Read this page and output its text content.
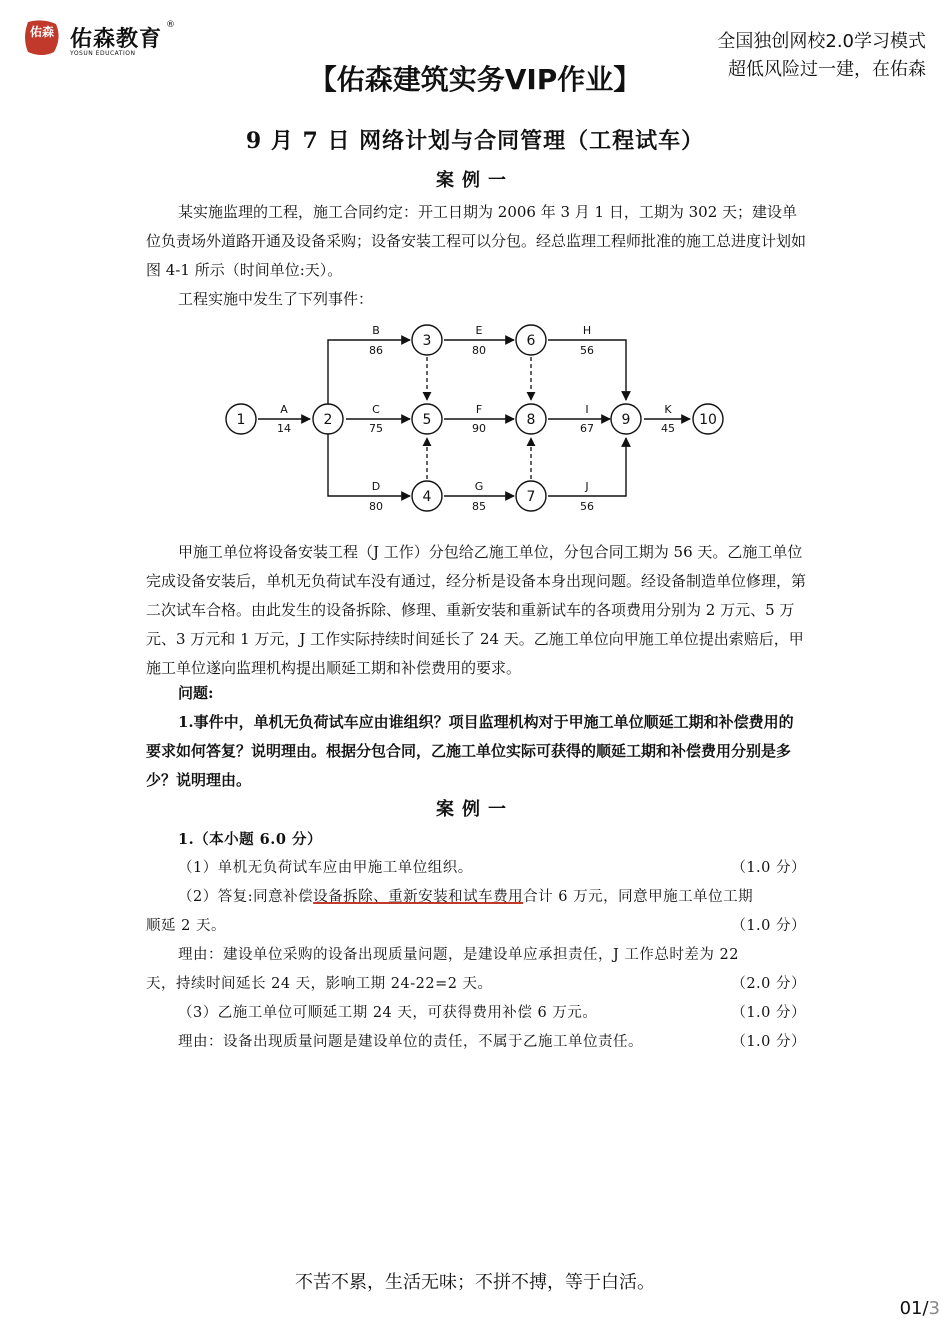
佑森 佑森教育
YOSUN EDUCATION
®
全国独创网校2.0学习模式
超低风险过一建，在佑森
【佑森建筑实务VIP作业】
9 月 7 日 网络计划与合同管理（工程试车）
案例一

某实施监理的工程，施工合同约定：开工日期为 2006 年 3 月 1 日，工期为 302 天；建设单位负责场外道路开通及设备采购；设备安装工程可以分包。经总监理工程师批准的施工总进度计划如图 4-1 所示（时间单位:天）。

工程实施中发生了下列事件：

1	2
3
4
5
6
7
8	9	10
A
14
B
86
C
75
D
80
E
80
F
90
G
85
H
56
I
67
J
56
K
45

甲施工单位将设备安装工程（J 工作）分包给乙施工单位，分包合同工期为 56 天。乙施工单位完成设备安装后，单机无负荷试车没有通过，经分析是设备本身出现问题。经设备制造单位修理，第二次试车合格。由此发生的设备拆除、修理、重新安装和重新试车的各项费用分别为 2 万元、5 万元、3 万元和 1 万元，J 工作实际持续时间延长了 24 天。乙施工单位向甲施工单位提出索赔后，甲施工单位遂向监理机构提出顺延工期和补偿费用的要求。

问题:

1.事件中，单机无负荷试车应由谁组织？项目监理机构对于甲施工单位顺延工期和补偿费用的要求如何答复？说明理由。根据分包合同，乙施工单位实际可获得的顺延工期和补偿费用分别是多少？说明理由。

案例一
1.（本小题 6.0 分）
（1）单机无负荷试车应由甲施工单位组织。	（1.0 分）
（2）答复:同意补偿设备拆除、重新安装和试车费用合计 6 万元，同意甲施工单位工期
顺延 2 天。	（1.0 分）
理由：建设单位采购的设备出现质量问题，是建设单应承担责任，J 工作总时差为 22
天，持续时间延长 24 天，影响工期 24-22=2 天。	（2.0 分）
（3）乙施工单位可顺延工期 24 天，可获得费用补偿 6 万元。	（1.0 分）
理由：设备出现质量问题是建设单位的责任，不属于乙施工单位责任。	（1.0 分）
不苦不累，生活无味；不拼不搏，等于白活。
01/3
